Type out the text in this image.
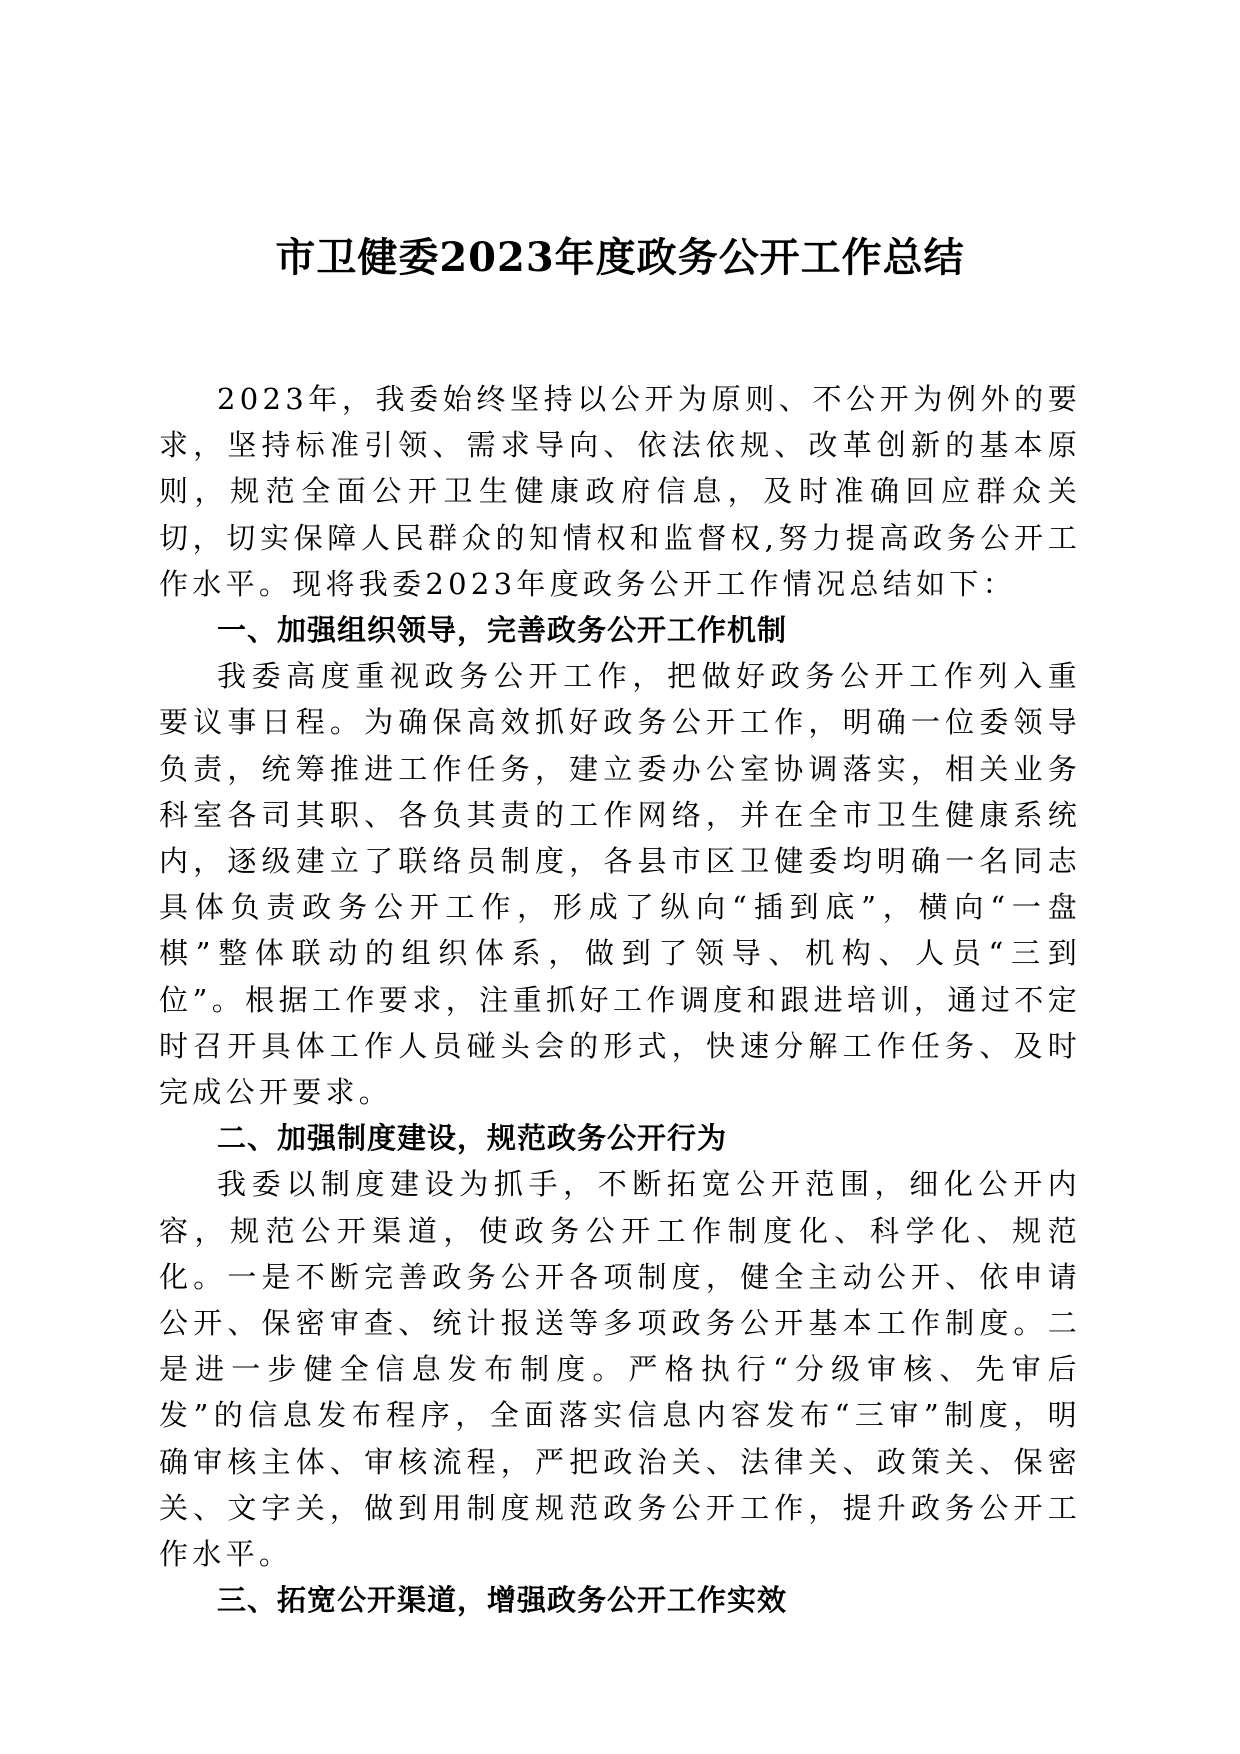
市卫健委2023年度政务公开工作总结

2023年，我委始终坚持以公开为原则、不公开为例外的要求，坚持标准引领、需求导向、依法依规、改革创新的基本原则，规范全面公开卫生健康政府信息，及时准确回应群众关切，切实保障人民群众的知情权和监督权,努力提高政务公开工作水平。现将我委2023年度政务公开工作情况总结如下：

一、加强组织领导，完善政务公开工作机制

我委高度重视政务公开工作，把做好政务公开工作列入重要议事日程。为确保高效抓好政务公开工作，明确一位委领导负责，统筹推进工作任务，建立委办公室协调落实，相关业务科室各司其职、各负其责的工作网络，并在全市卫生健康系统内，逐级建立了联络员制度，各县市区卫健委均明确一名同志具体负责政务公开工作，形成了纵向“插到底”，横向“一盘棋”整体联动的组织体系，做到了领导、机构、人员“三到位”。根据工作要求，注重抓好工作调度和跟进培训，通过不定时召开具体工作人员碰头会的形式，快速分解工作任务、及时完成公开要求。

二、加强制度建设，规范政务公开行为

我委以制度建设为抓手，不断拓宽公开范围，细化公开内容，规范公开渠道，使政务公开工作制度化、科学化、规范化。一是不断完善政务公开各项制度，健全主动公开、依申请公开、保密审查、统计报送等多项政务公开基本工作制度。二是进一步健全信息发布制度。严格执行“分级审核、先审后发”的信息发布程序，全面落实信息内容发布“三审”制度，明确审核主体、审核流程，严把政治关、法律关、政策关、保密关、文字关，做到用制度规范政务公开工作，提升政务公开工作水平。

三、拓宽公开渠道，增强政务公开工作实效
